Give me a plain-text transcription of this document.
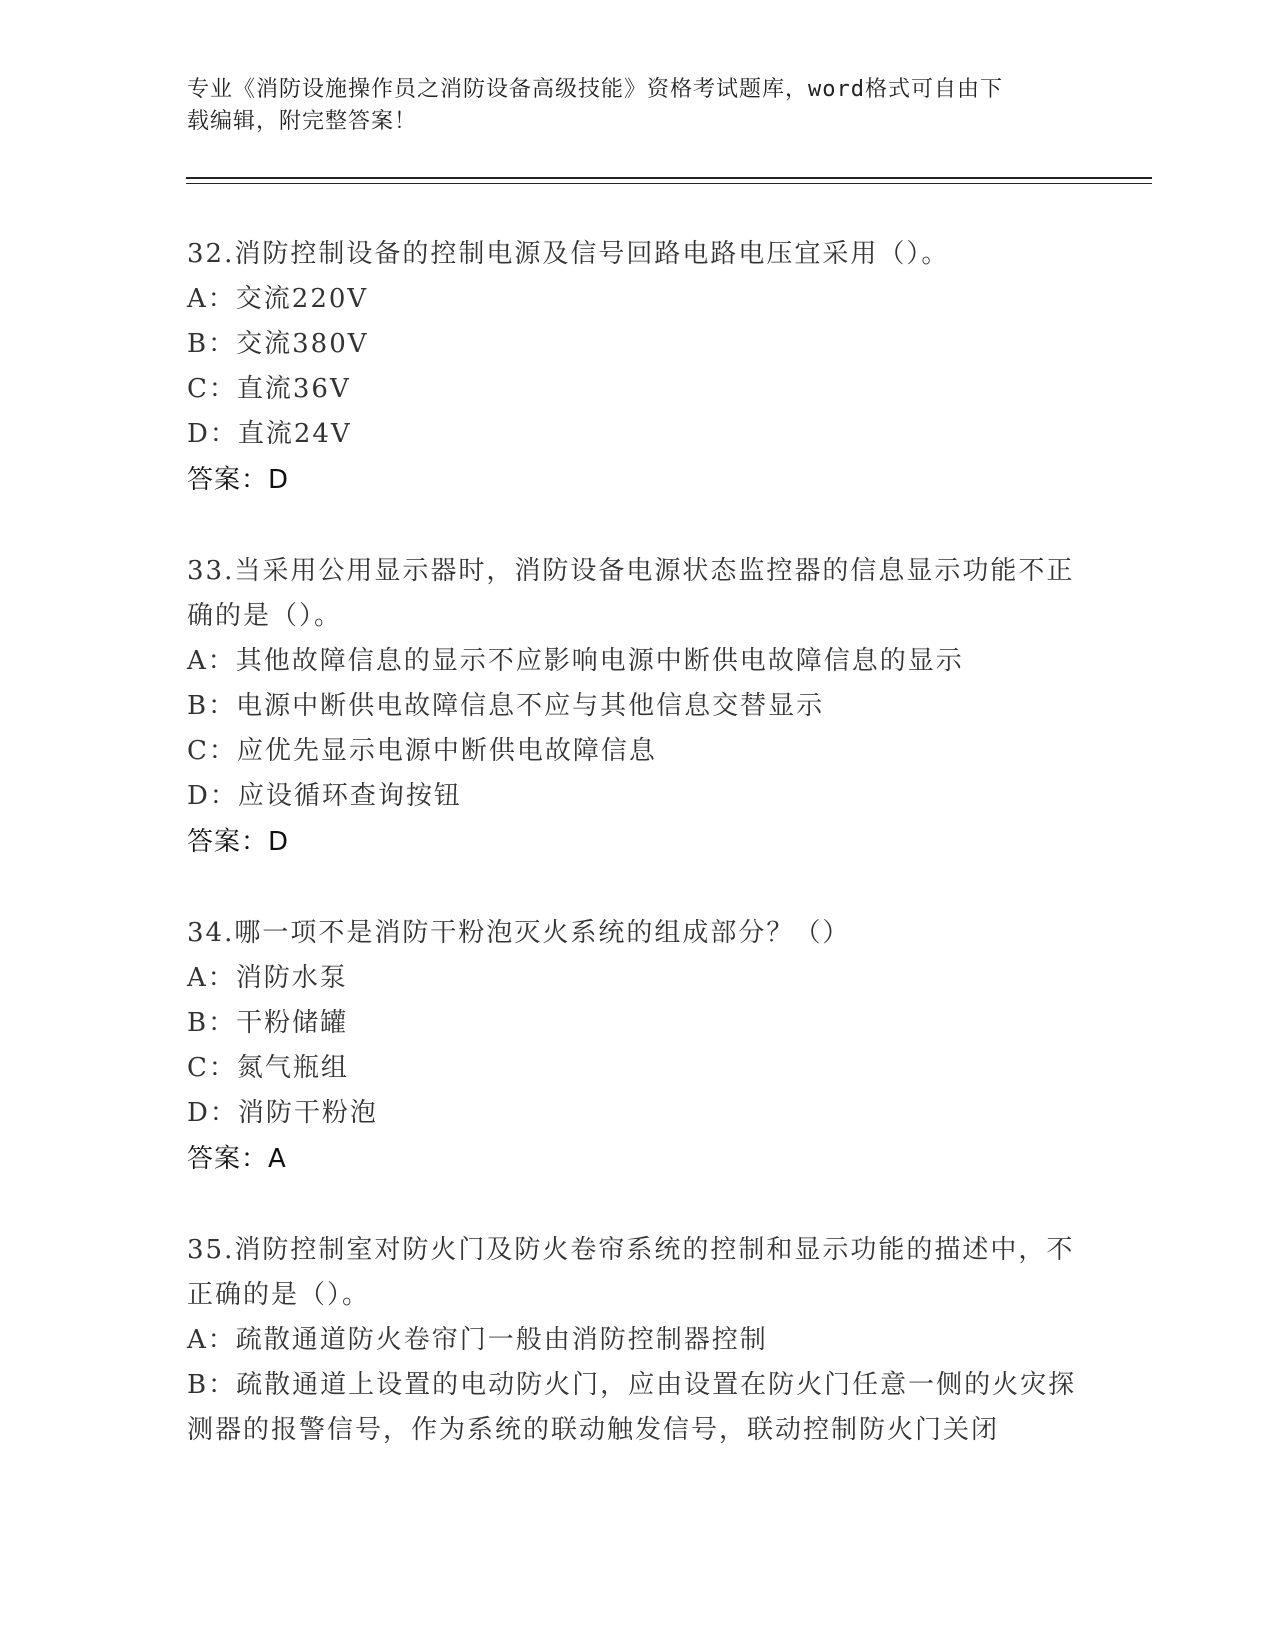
专业《消防设施操作员之消防设备高级技能》资格考试题库，word格式可自由下
载编辑，附完整答案！
32.消防控制设备的控制电源及信号回路电路电压宜采用（）。
A：交流220V
B：交流380V
C：直流36V
D：直流24V
答案：D
33.当采用公用显示器时，消防设备电源状态监控器的信息显示功能不正确的是（）。
A：其他故障信息的显示不应影响电源中断供电故障信息的显示
B：电源中断供电故障信息不应与其他信息交替显示
C：应优先显示电源中断供电故障信息
D：应设循环查询按钮
答案：D
34.哪一项不是消防干粉泡灭火系统的组成部分？（）
A：消防水泵
B：干粉储罐
C：氮气瓶组
D：消防干粉泡
答案：A
35.消防控制室对防火门及防火卷帘系统的控制和显示功能的描述中，不正确的是（）。
A：疏散通道防火卷帘门一般由消防控制器控制
B：疏散通道上设置的电动防火门，应由设置在防火门任意一侧的火灾探测器的报警信号，作为系统的联动触发信号，联动控制防火门关闭
